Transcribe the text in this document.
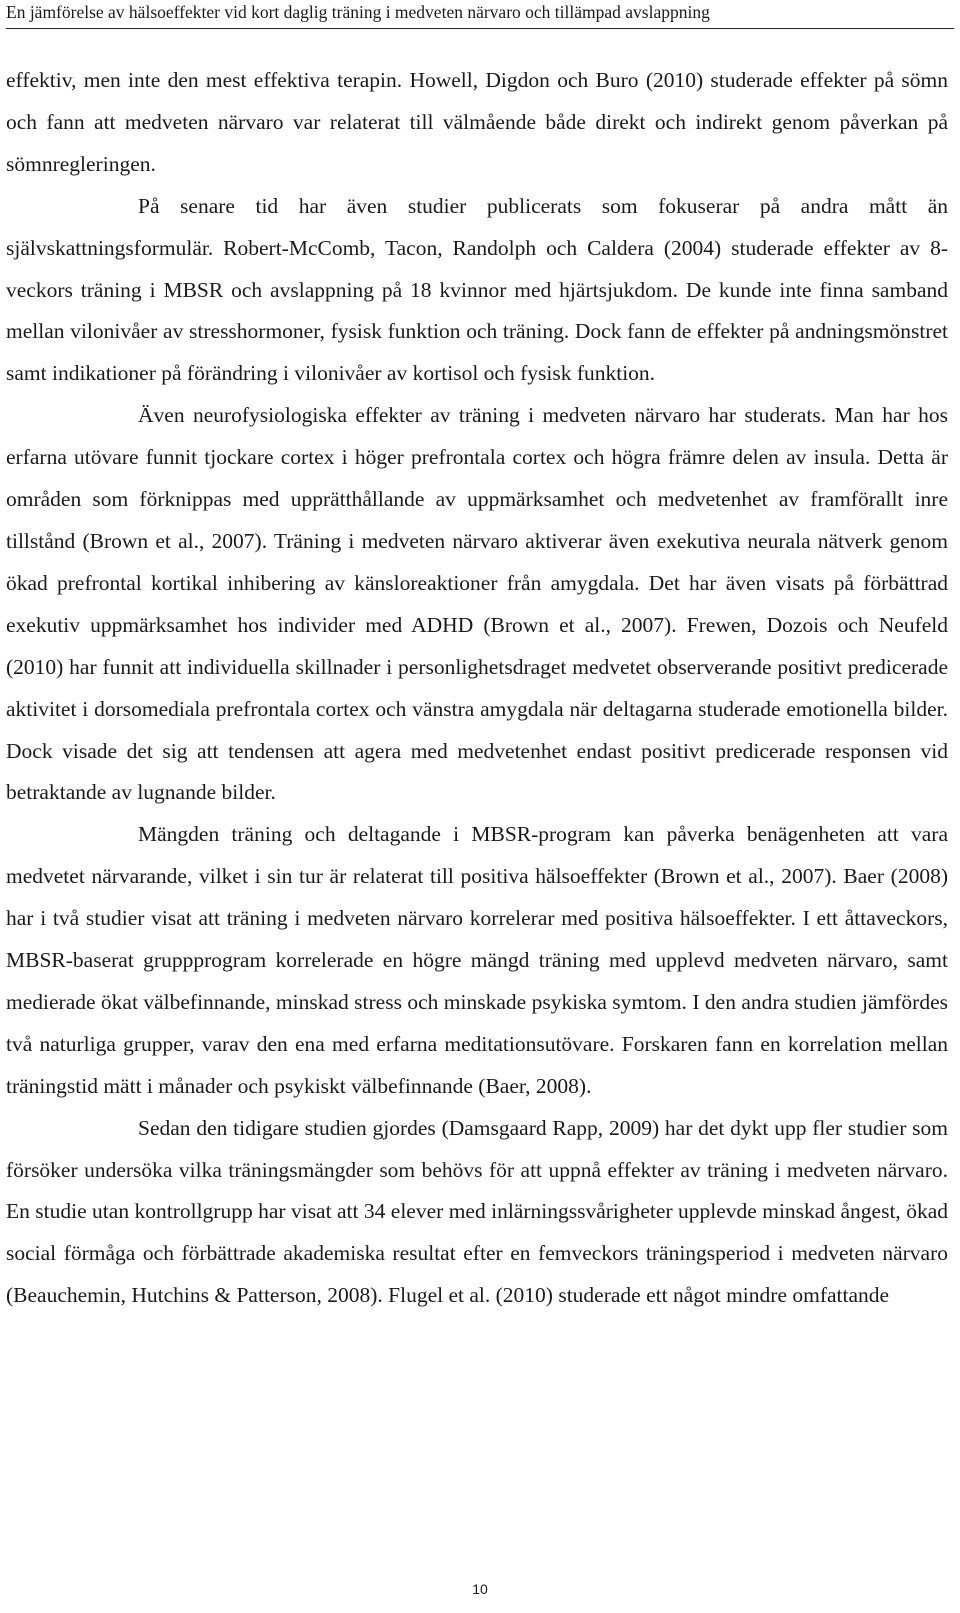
En jämförelse av hälsoeffekter vid kort daglig träning i medveten närvaro och tillämpad avslappning

effektiv, men inte den mest effektiva terapin. Howell, Digdon och Buro (2010) studerade effekter på sömn och fann att medveten närvaro var relaterat till välmående både direkt och indirekt genom påverkan på sömnregleringen.

På senare tid har även studier publicerats som fokuserar på andra mått än självskattningsformulär. Robert-McComb, Tacon, Randolph och Caldera (2004) studerade effekter av 8-veckors träning i MBSR och avslappning på 18 kvinnor med hjärtsjukdom. De kunde inte finna samband mellan vilonivåer av stresshormoner, fysisk funktion och träning. Dock fann de effekter på andningsmönstret samt indikationer på förändring i vilonivåer av kortisol och fysisk funktion.

Även neurofysiologiska effekter av träning i medveten närvaro har studerats. Man har hos erfarna utövare funnit tjockare cortex i höger prefrontala cortex och högra främre delen av insula. Detta är områden som förknippas med upprätthållande av uppmärksamhet och medvetenhet av framförallt inre tillstånd (Brown et al., 2007). Träning i medveten närvaro aktiverar även exekutiva neurala nätverk genom ökad prefrontal kortikal inhibering av känsloreaktioner från amygdala. Det har även visats på förbättrad exekutiv uppmärksamhet hos individer med ADHD (Brown et al., 2007). Frewen, Dozois och Neufeld (2010) har funnit att individuella skillnader i personlighetsdraget medvetet observerande positivt predicerade aktivitet i dorsomediala prefrontala cortex och vänstra amygdala när deltagarna studerade emotionella bilder. Dock visade det sig att tendensen att agera med medvetenhet endast positivt predicerade responsen vid betraktande av lugnande bilder.

Mängden träning och deltagande i MBSR-program kan påverka benägenheten att vara medvetet närvarande, vilket i sin tur är relaterat till positiva hälsoeffekter (Brown et al., 2007). Baer (2008) har i två studier visat att träning i medveten närvaro korrelerar med positiva hälsoeffekter. I ett åttaveckors, MBSR-baserat gruppprogram korrelerade en högre mängd träning med upplevd medveten närvaro, samt medierade ökat välbefinnande, minskad stress och minskade psykiska symtom. I den andra studien jämfördes två naturliga grupper, varav den ena med erfarna meditationsutövare. Forskaren fann en korrelation mellan träningstid mätt i månader och psykiskt välbefinnande (Baer, 2008).

Sedan den tidigare studien gjordes (Damsgaard Rapp, 2009) har det dykt upp fler studier som försöker undersöka vilka träningsmängder som behövs för att uppnå effekter av träning i medveten närvaro. En studie utan kontrollgrupp har visat att 34 elever med inlärningssvårigheter upplevde minskad ångest, ökad social förmåga och förbättrade akademiska resultat efter en femveckors träningsperiod i medveten närvaro (Beauchemin, Hutchins & Patterson, 2008). Flugel et al. (2010) studerade ett något mindre omfattande

10
